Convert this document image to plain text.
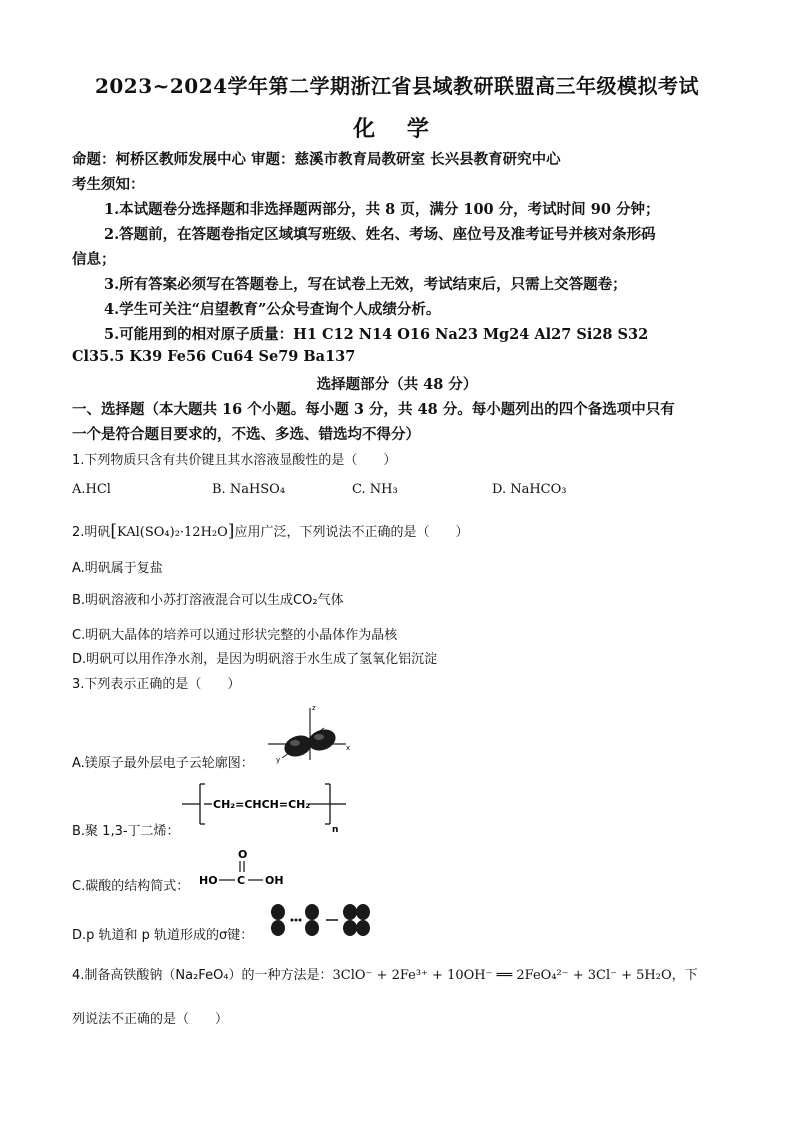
2023~2024学年第二学期浙江省县域教研联盟高三年级模拟考试
化 学
命题：柯桥区教师发展中心 审题：慈溪市教育局教研室 长兴县教育研究中心
考生须知：
1.本试题卷分选择题和非选择题两部分，共 8 页，满分 100 分，考试时间 90 分钟；
2.答题前，在答题卷指定区域填写班级、姓名、考场、座位号及准考证号并核对条形码
信息；
3.所有答案必须写在答题卷上，写在试卷上无效，考试结束后，只需上交答题卷；
4.学生可关注“启望教育”公众号查询个人成绩分析。
5.可能用到的相对原子质量：H1 C12 N14 O16 Na23 Mg24 Al27 Si28 S32
Cl35.5 K39 Fe56 Cu64 Se79 Ba137
选择题部分（共 48 分）
一、选择题（本大题共 16 个小题。每小题 3 分，共 48 分。每小题列出的四个备选项中只有
一个是符合题目要求的，不选、多选、错选均不得分）
1.下列物质只含有共价键且其水溶液显酸性的是（　　）
A.HCl	B. NaHSO₄	C. NH₃	D. NaHCO₃
2.明矾[KAl(SO₄)₂·12H₂O]应用广泛，下列说法不正确的是（　　）
A.明矾属于复盐
B.明矾溶液和小苏打溶液混合可以生成CO₂气体
C.明矾大晶体的培养可以通过形状完整的小晶体作为晶核
D.明矾可以用作净水剂，是因为明矾溶于水生成了氢氧化铝沉淀
3.下列表示正确的是（　　）
A.镁原子最外层电子云轮廓图：
z
x
y
B.聚 1,3-丁二烯：
CH₂=CHCH=CH₂
n
C.碳酸的结构简式：
O
HO C OH
D.p 轨道和 p 轨道形成的σ键：
4.制备高铁酸钠（Na₂FeO₄）的一种方法是：3ClO⁻ + 2Fe³⁺ + 10OH⁻ ══ 2FeO₄²⁻ + 3Cl⁻ + 5H₂O，下
列说法不正确的是（　　）
